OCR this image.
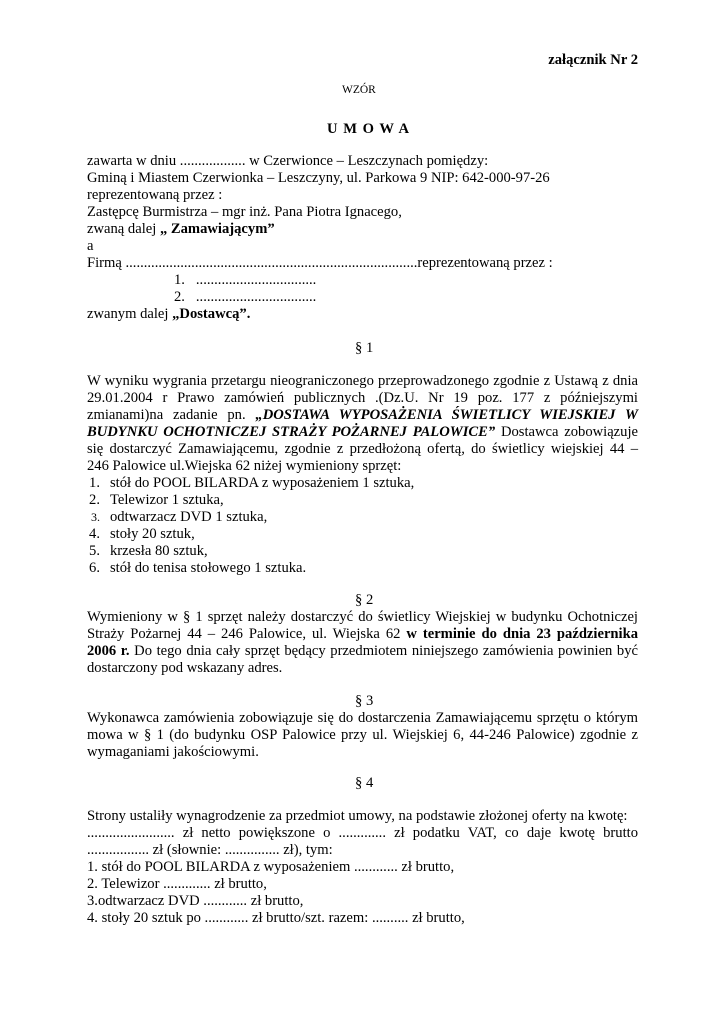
załącznik Nr 2
WZÓR
U M O W A
zawarta w dniu .................. w Czerwionce – Leszczynach pomiędzy:
Gminą i Miastem Czerwionka – Leszczyny, ul. Parkowa 9 NIP: 642-000-97-26
reprezentowaną przez :
Zastępcę Burmistrza – mgr inż. Pana Piotra Ignacego,
zwaną dalej „ Zamawiającym”
a
Firmą ................................................................................reprezentowaną przez :
1. .................................
2. .................................
zwanym dalej „Dostawcą”.
§ 1
W wyniku wygrania przetargu nieograniczonego przeprowadzonego zgodnie z Ustawą z dnia
29.01.2004 r Prawo zamówień publicznych .(Dz.U. Nr 19 poz. 177 z późniejszymi
zmianami)na zadanie pn. „DOSTAWA WYPOSAŻENIA ŚWIETLICY WIEJSKIEJ W
BUDYNKU OCHOTNICZEJ STRAŻY POŻARNEJ PALOWICE” Dostawca zobowiązuje
się dostarczyć Zamawiającemu, zgodnie z przedłożoną ofertą, do świetlicy wiejskiej 44 –
246 Palowice ul.Wiejska 62 niżej wymieniony sprzęt:
1. stół do POOL BILARDA z wyposażeniem 1 sztuka,
2. Telewizor 1 sztuka,
3. odtwarzacz DVD 1 sztuka,
4. stoły 20 sztuk,
5. krzesła 80 sztuk,
6. stół do tenisa stołowego 1 sztuka.
§ 2
Wymieniony w § 1 sprzęt należy dostarczyć do świetlicy Wiejskiej w budynku Ochotniczej
Straży Pożarnej 44 – 246 Palowice, ul. Wiejska 62 w terminie do dnia 23 października
2006 r. Do tego dnia cały sprzęt będący przedmiotem niniejszego zamówienia powinien być
dostarczony pod wskazany adres.
§ 3
Wykonawca zamówienia zobowiązuje się do dostarczenia Zamawiającemu sprzętu o którym
mowa w § 1 (do budynku OSP Palowice przy ul. Wiejskiej 6, 44-246 Palowice) zgodnie z
wymaganiami jakościowymi.
§ 4
Strony ustaliły wynagrodzenie za przedmiot umowy, na podstawie złożonej oferty na kwotę:
........................ zł netto powiększone o ............. zł podatku VAT, co daje kwotę brutto
................. zł (słownie: ............... zł), tym:
1. stół do POOL BILARDA z wyposażeniem ............ zł brutto,
2. Telewizor ............. zł brutto,
3.odtwarzacz DVD ............ zł brutto,
4. stoły 20 sztuk po ............ zł brutto/szt. razem: .......... zł brutto,
